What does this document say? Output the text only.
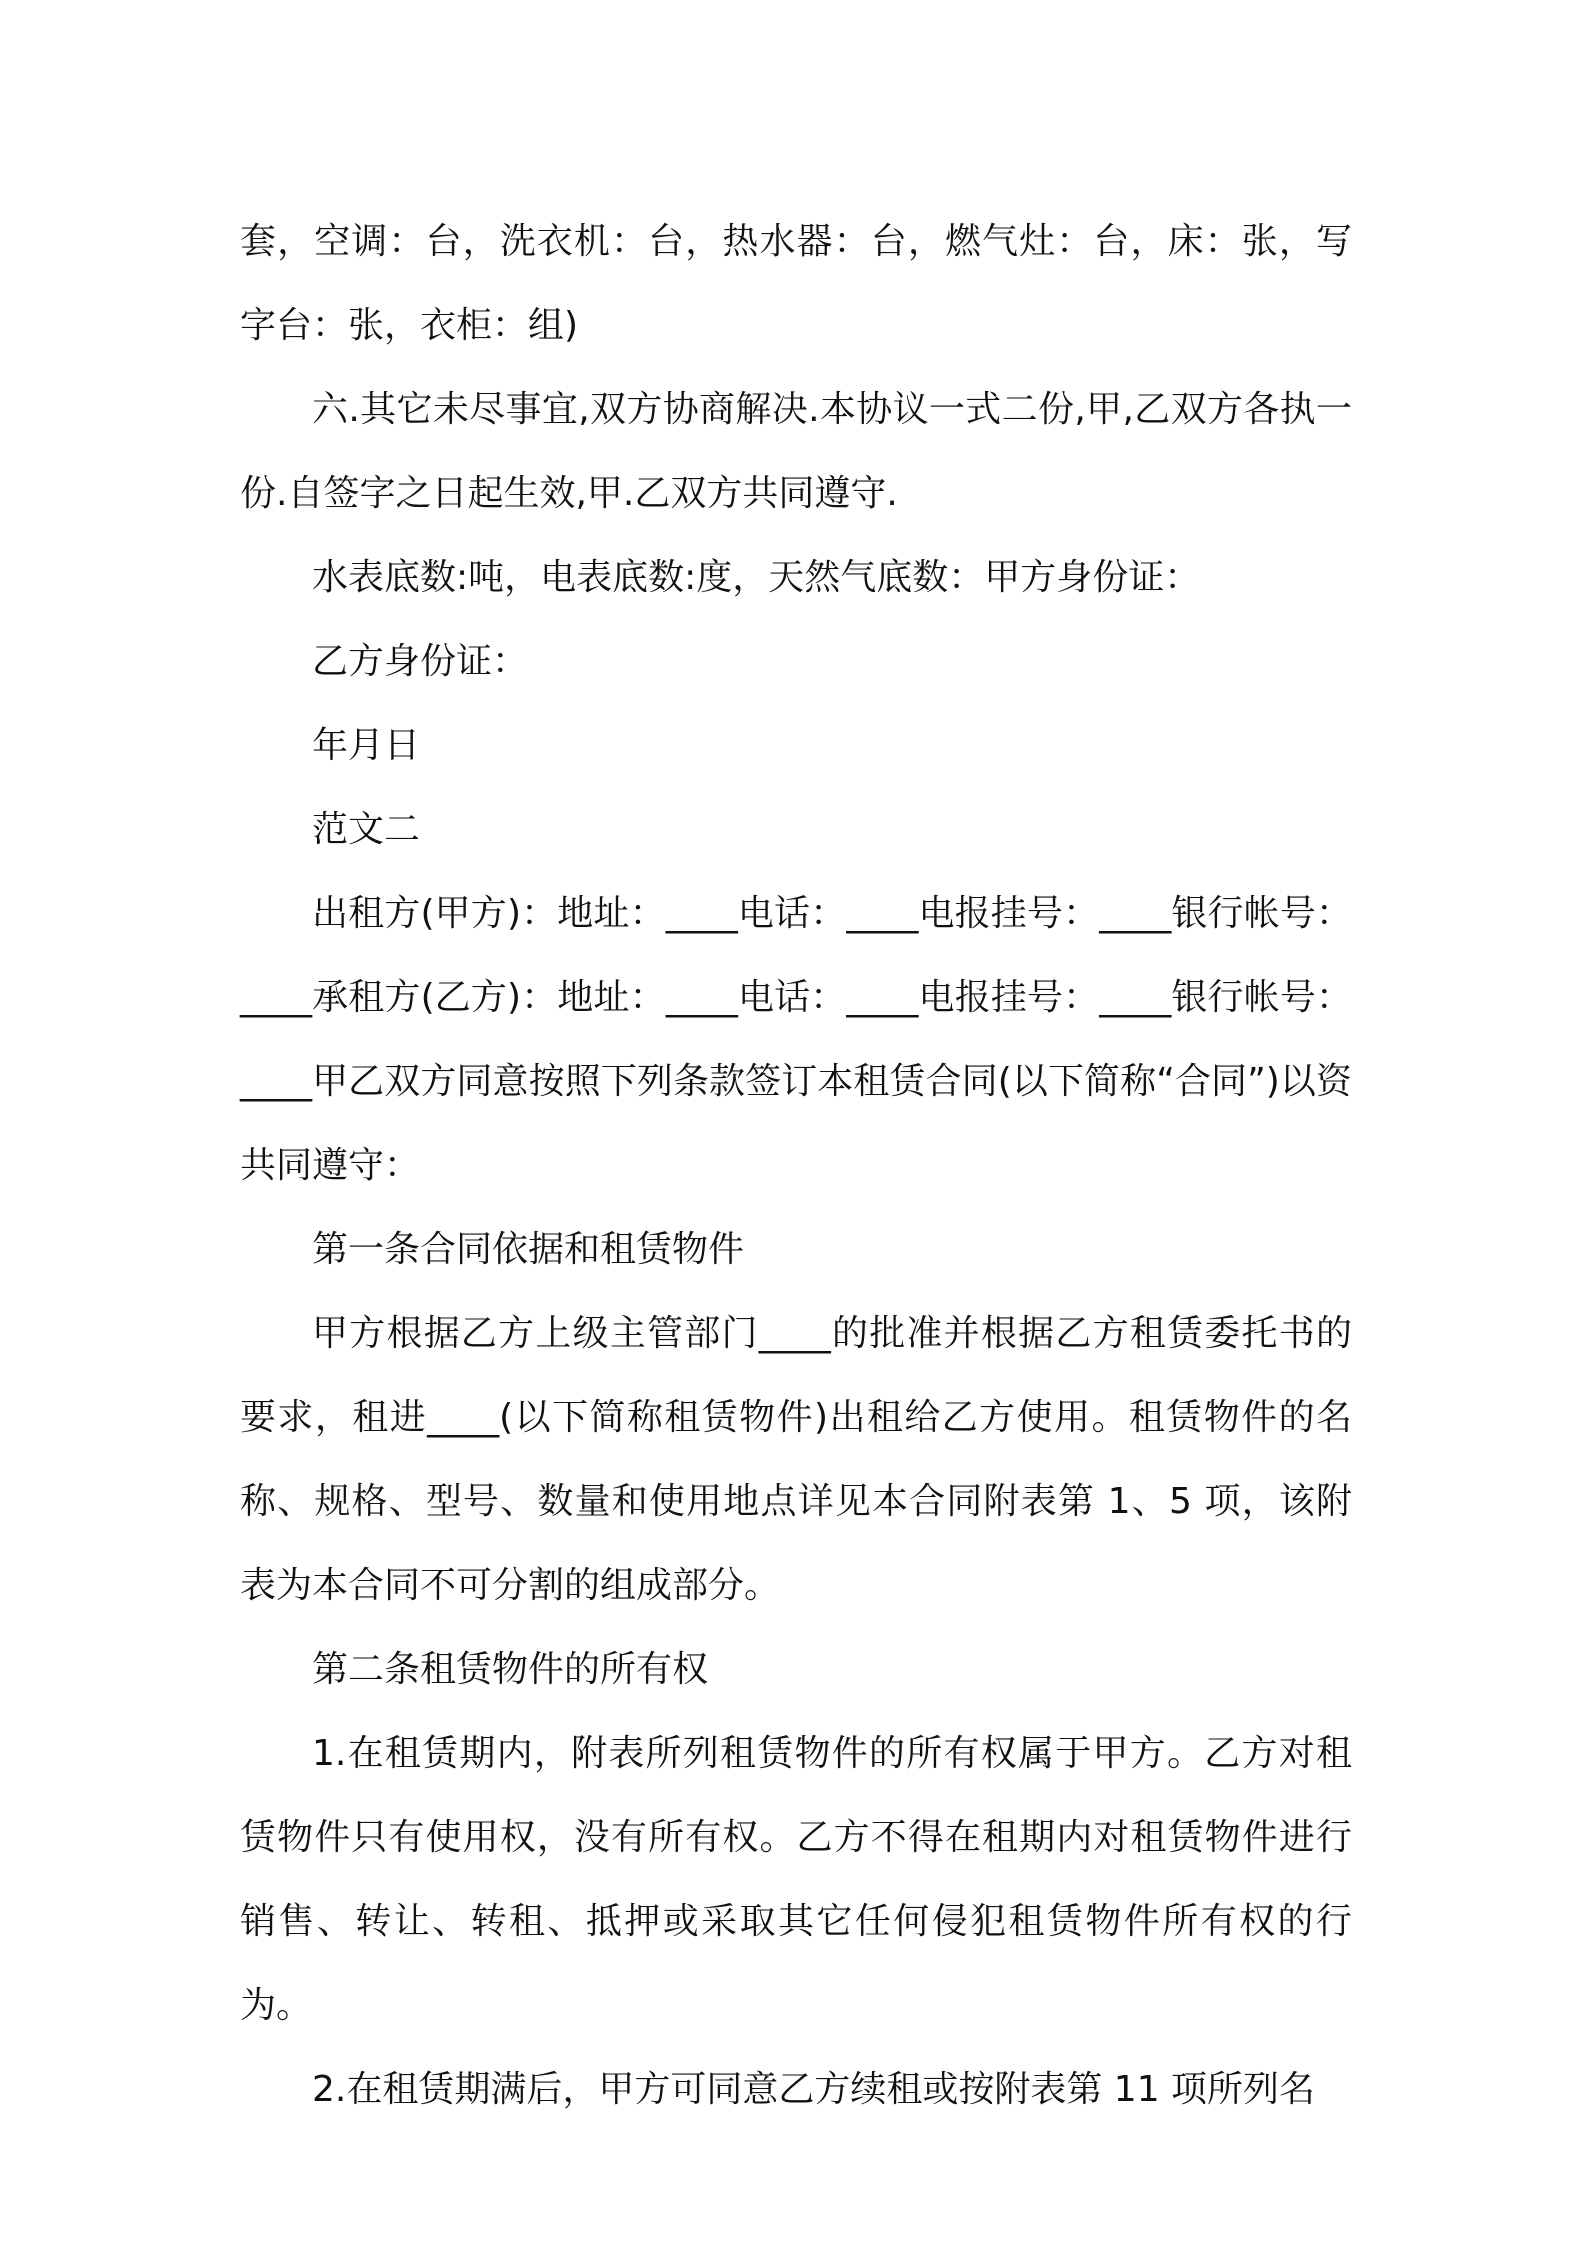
套，空调：台，洗衣机：台，热水器：台，燃气灶：台，床：张，写字台：张，衣柜：组)

六.其它未尽事宜,双方协商解决.本协议一式二份,甲,乙双方各执一份.自签字之日起生效,甲.乙双方共同遵守.

水表底数:吨，电表底数:度，天然气底数：甲方身份证：

乙方身份证：

年月日

范文二

出租方(甲方)：地址：____电话：____电报挂号：____银行帐号：____承租方(乙方)：地址：____电话：____电报挂号：____银行帐号：____甲乙双方同意按照下列条款签订本租赁合同(以下简称“合同”)以资共同遵守：

第一条合同依据和租赁物件

甲方根据乙方上级主管部门____的批准并根据乙方租赁委托书的要求，租进____(以下简称租赁物件)出租给乙方使用。租赁物件的名称、规格、型号、数量和使用地点详见本合同附表第 1、5 项，该附表为本合同不可分割的组成部分。

第二条租赁物件的所有权

1.在租赁期内，附表所列租赁物件的所有权属于甲方。乙方对租赁物件只有使用权，没有所有权。乙方不得在租期内对租赁物件进行销售、转让、转租、抵押或采取其它任何侵犯租赁物件所有权的行为。

2.在租赁期满后，甲方可同意乙方续租或按附表第 11 项所列名
